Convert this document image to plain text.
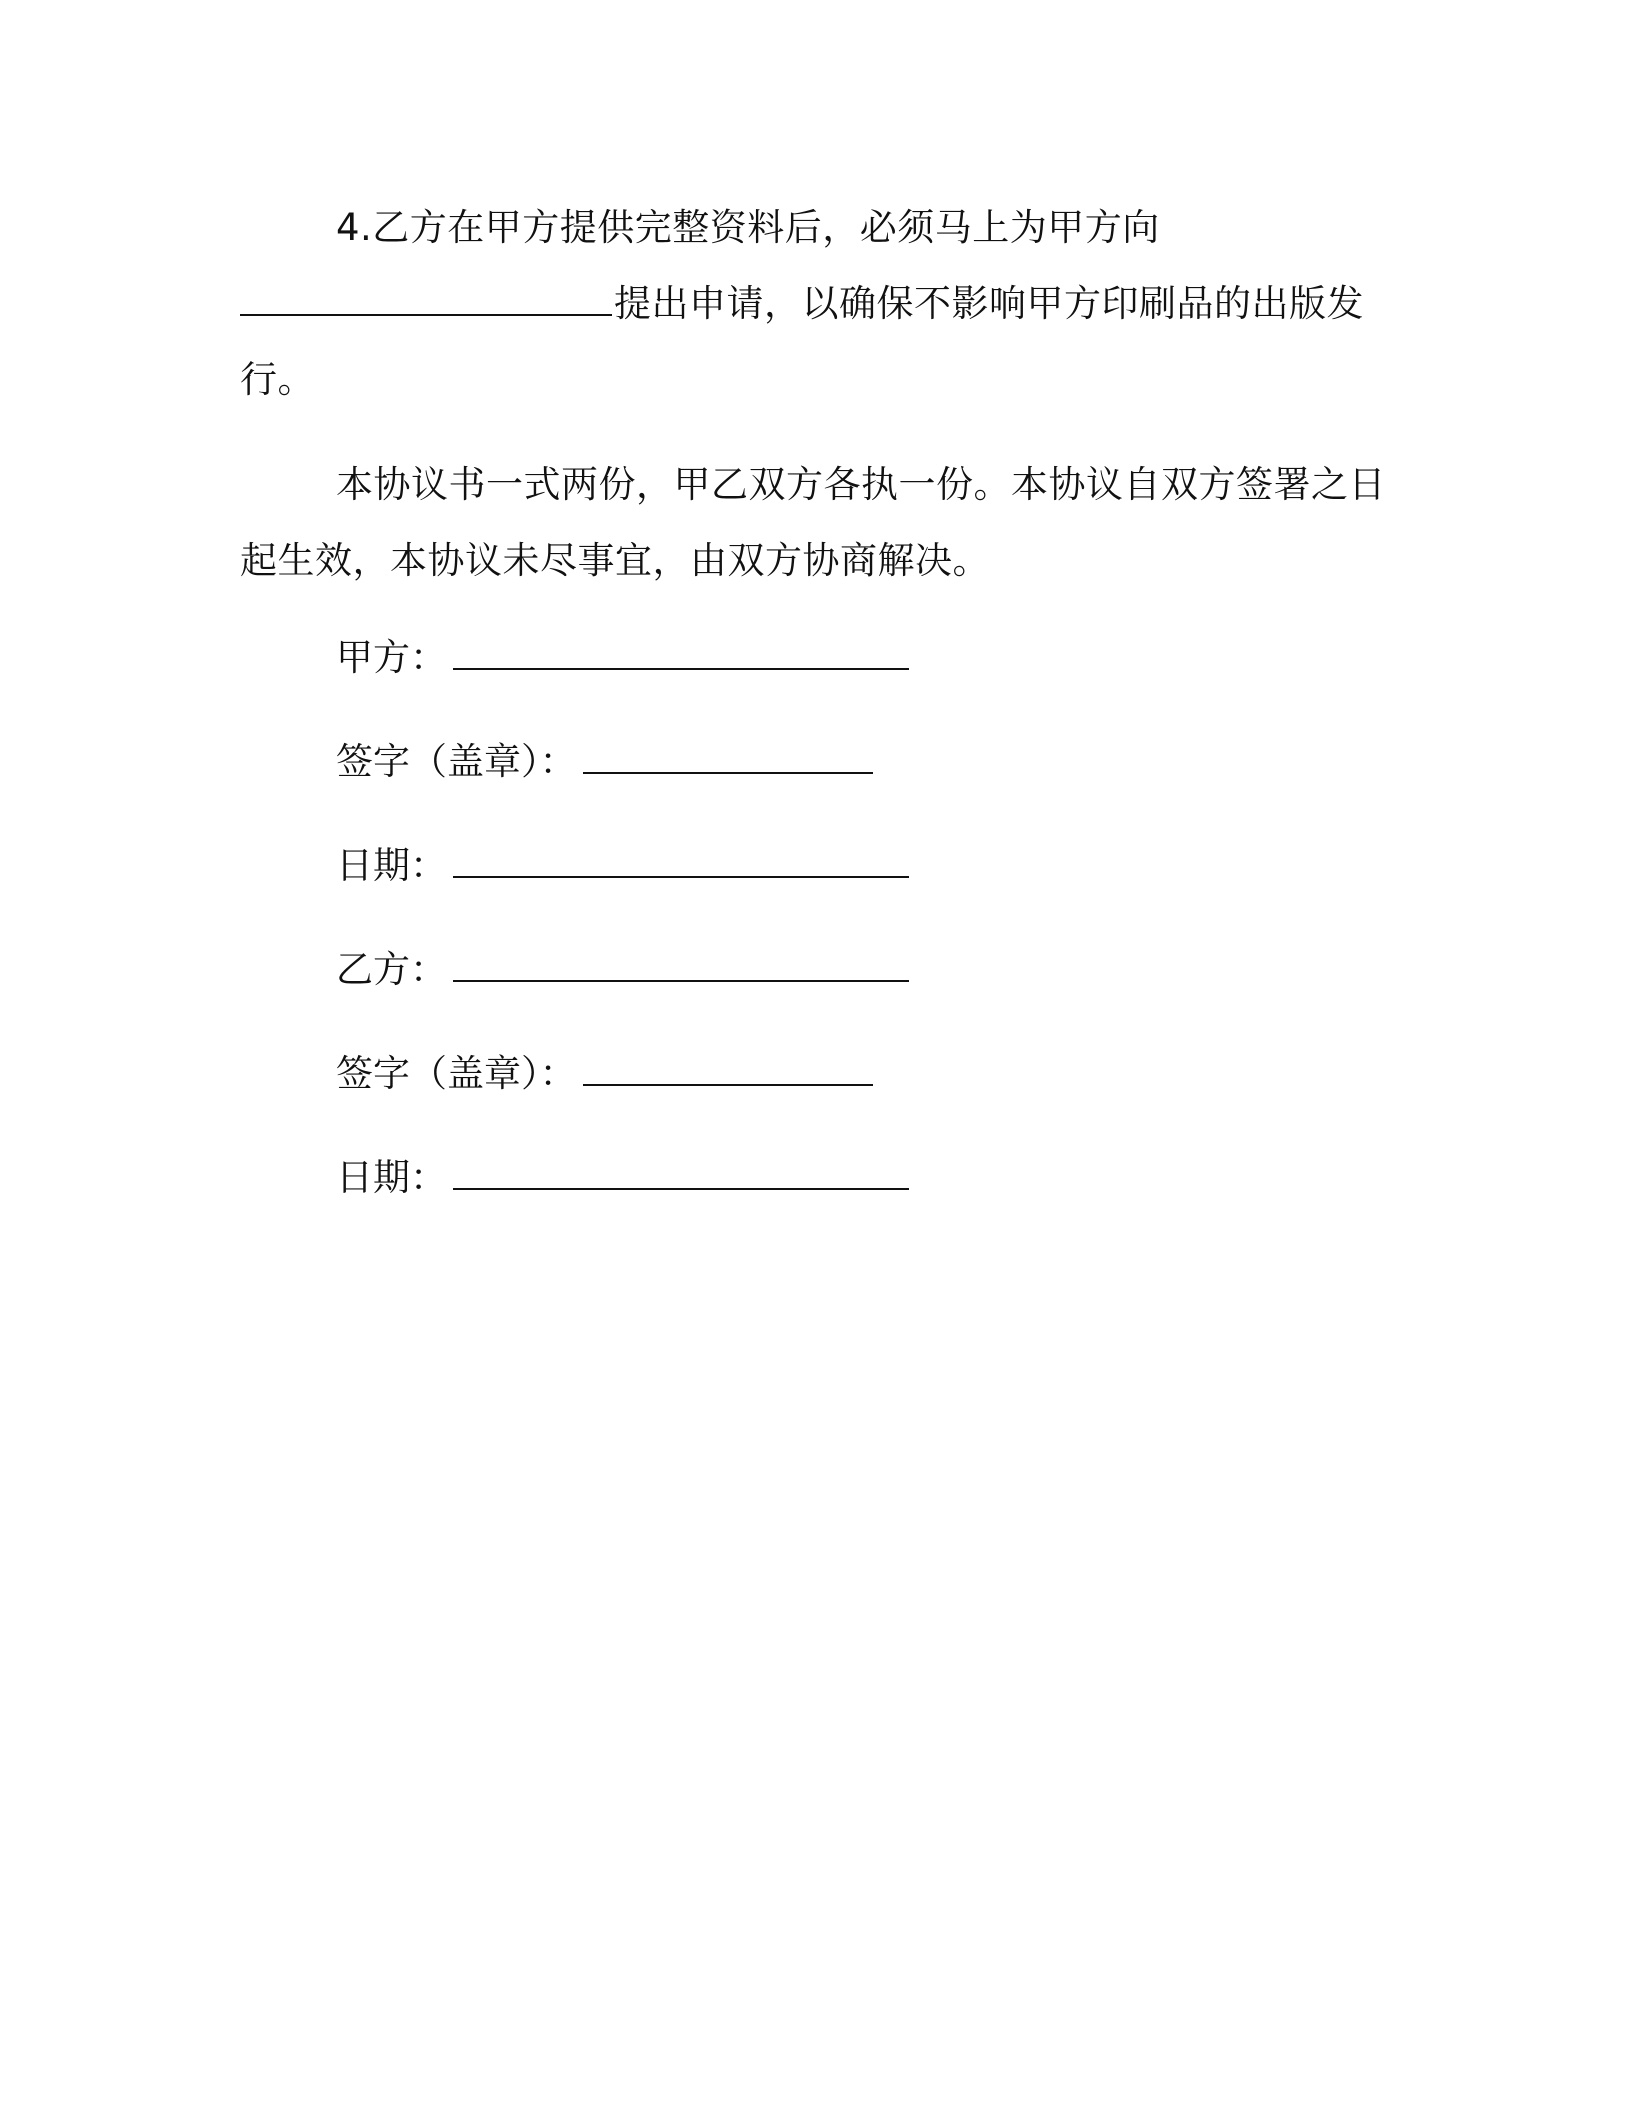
4.乙方在甲方提供完整资料后，必须马上为甲方向
提出申请，以确保不影响甲方印刷品的出版发
行。

本协议书一式两份，甲乙双方各执一份。本协议自双方签署之日
起生效，本协议未尽事宜，由双方协商解决。

甲方：
签字（盖章）：
日期：
乙方：
签字（盖章）：
日期：
